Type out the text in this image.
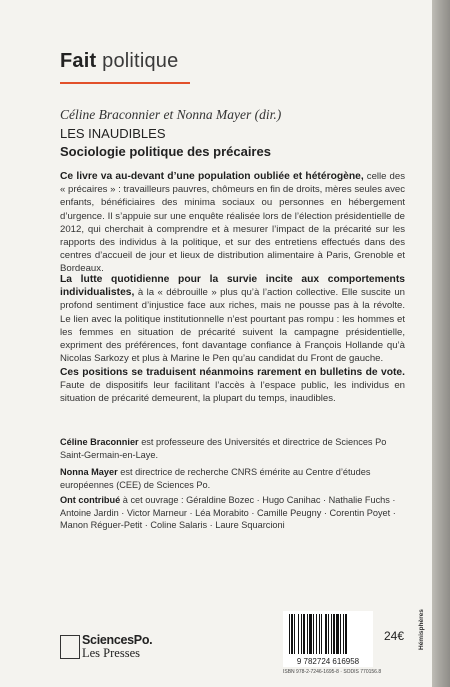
Fait politique
Céline Braconnier et Nonna Mayer (dir.)
LES INAUDIBLES
Sociologie politique des précaires
Ce livre va au-devant d’une population oubliée et hétérogène, celle des « précaires » : travailleurs pauvres, chômeurs en fin de droits, mères seules avec enfants, bénéficiaires des minima sociaux ou personnes en hébergement d’urgence. Il s’appuie sur une enquête réalisée lors de l’élection présidentielle de 2012, qui cherchait à comprendre et à mesurer l’impact de la précarité sur les rapports des individus à la politique, et sur des entretiens effectués dans des centres d’accueil de jour et lieux de distribution alimentaire à Paris, Grenoble et Bordeaux.
La lutte quotidienne pour la survie incite aux comportements individualistes, à la « débrouille » plus qu’à l’action collective. Elle suscite un profond sentiment d’injustice face aux riches, mais ne pousse pas à la révolte. Le lien avec la politique institutionnelle n’est pourtant pas rompu : les hommes et les femmes en situation de précarité suivent la campagne présidentielle, expriment des préférences, font davantage confiance à François Hollande qu’à Nicolas Sarkozy et plus à Marine le Pen qu’au candidat du Front de gauche.
Ces positions se traduisent néanmoins rarement en bulletins de vote. Faute de dispositifs leur facilitant l’accès à l’espace public, les individus en situation de précarité demeurent, la plupart du temps, inaudibles.
Céline Braconnier est professeure des Universités et directrice de Sciences Po Saint-Germain-en-Laye.
Nonna Mayer est directrice de recherche CNRS émérite au Centre d’études européennes (CEE) de Sciences Po.
Ont contribué à cet ouvrage : Géraldine Bozec · Hugo Canihac · Nathalie Fuchs · Antoine Jardin · Victor Marneur · Léa Morabito · Camille Peugny · Corentin Poyet · Manon Réguer-Petit · Coline Salaris · Laure Squarcioni
Hémisphères
SciencesPo.
Les Presses
9 782724 616958
24€
ISBN 978-2-7246-1695-8 · SODIS 770156.8
